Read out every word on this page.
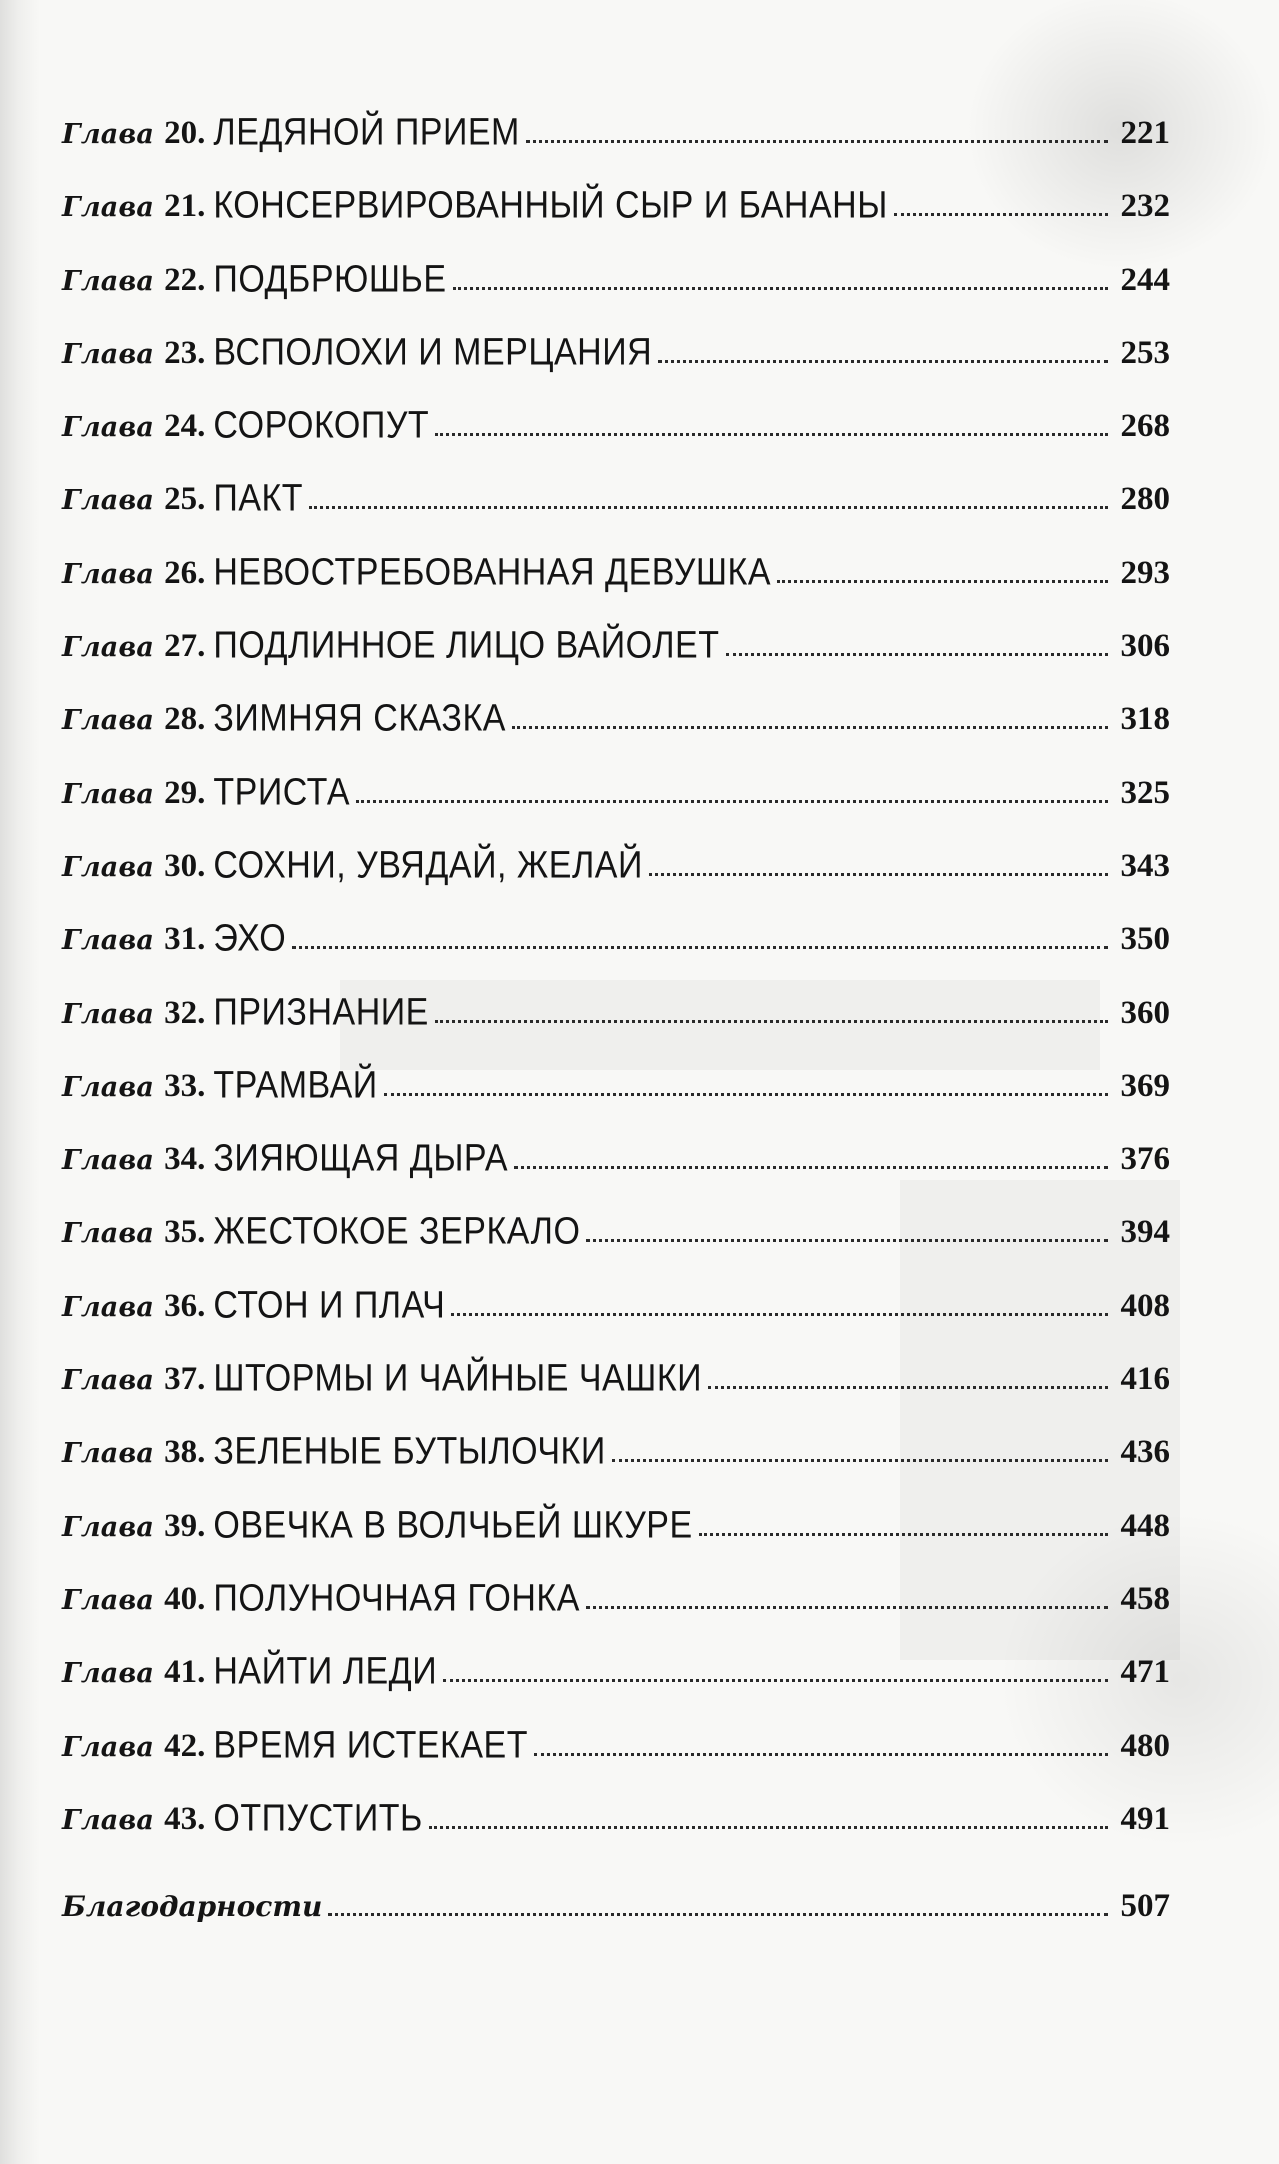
Глава 20. ЛЕДЯНОЙ ПРИЕМ	221
Глава 21. КОНСЕРВИРОВАННЫЙ СЫР И БАНАНЫ	232
Глава 22. ПОДБРЮШЬЕ	244
Глава 23. ВСПОЛОХИ И МЕРЦАНИЯ	253
Глава 24. СОРОКОПУТ	268
Глава 25. ПАКТ	280
Глава 26. НЕВОСТРЕБОВАННАЯ ДЕВУШКА	293
Глава 27. ПОДЛИННОЕ ЛИЦО ВАЙОЛЕТ	306
Глава 28. ЗИМНЯЯ СКАЗКА	318
Глава 29. ТРИСТА	325
Глава 30. СОХНИ, УВЯДАЙ, ЖЕЛАЙ	343
Глава 31. ЭХО	350
Глава 32. ПРИЗНАНИЕ	360
Глава 33. ТРАМВАЙ	369
Глава 34. ЗИЯЮЩАЯ ДЫРА	376
Глава 35. ЖЕСТОКОЕ ЗЕРКАЛО	394
Глава 36. СТОН И ПЛАЧ	408
Глава 37. ШТОРМЫ И ЧАЙНЫЕ ЧАШКИ	416
Глава 38. ЗЕЛЕНЫЕ БУТЫЛОЧКИ	436
Глава 39. ОВЕЧКА В ВОЛЧЬЕЙ ШКУРЕ	448
Глава 40. ПОЛУНОЧНАЯ ГОНКА	458
Глава 41. НАЙТИ ЛЕДИ	471
Глава 42. ВРЕМЯ ИСТЕКАЕТ	480
Глава 43. ОТПУСТИТЬ	491
Благодарности	507
